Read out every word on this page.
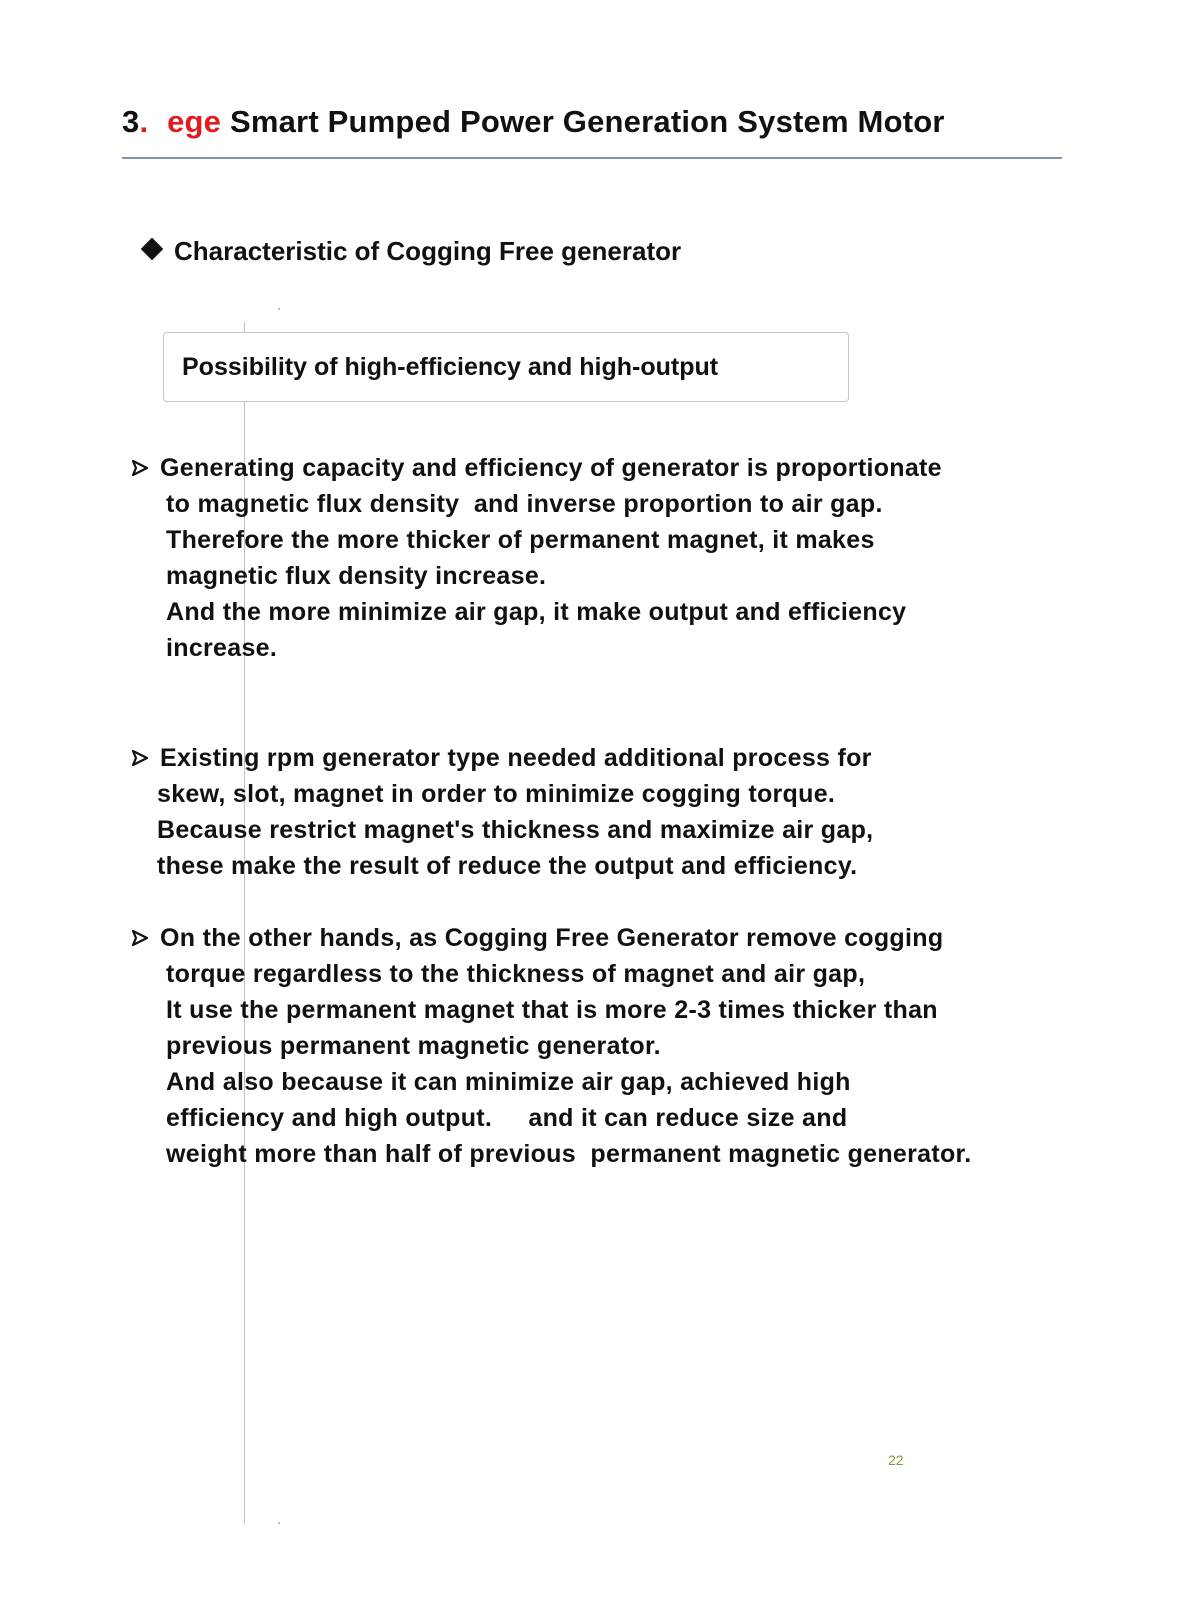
3. ege Smart Pumped Power Generation System Motor
Characteristic of Cogging Free generator
Possibility of high-efficiency and high-output
Generating capacity and efficiency of generator is proportionate
to magnetic flux density  and inverse proportion to air gap.
Therefore the more thicker of permanent magnet, it makes
magnetic flux density increase.
And the more minimize air gap, it make output and efficiency
increase.
Existing rpm generator type needed additional process for
skew, slot, magnet in order to minimize cogging torque.
Because restrict magnet's thickness and maximize air gap,
these make the result of reduce the output and efficiency.
On the other hands, as Cogging Free Generator remove cogging
torque regardless to the thickness of magnet and air gap,
It use the permanent magnet that is more 2-3 times thicker than
previous permanent magnetic generator.
And also because it can minimize air gap, achieved high
efficiency and high output.     and it can reduce size and
weight more than half of previous  permanent magnetic generator.
22
